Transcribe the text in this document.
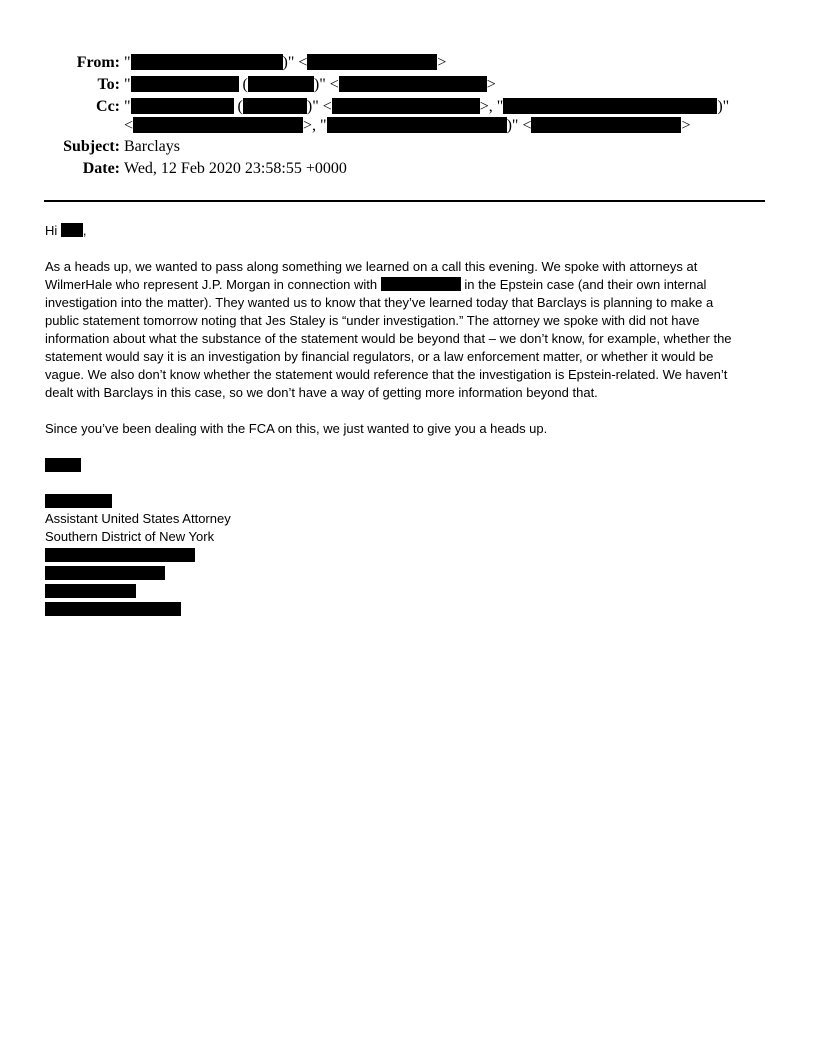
From: "	)" <	>
To: "	(	)" <	>
Cc: "	(	)" <	>, "	)"
<	>, "	)" <	>
Subject: Barclays
Date: Wed, 12 Feb 2020 23:58:55 +0000
Hi ,
As a heads up, we wanted to pass along something we learned on a call this evening. We spoke with attorneys at
WilmerHale who represent J.P. Morgan in connection with	in the Epstein case (and their own internal
investigation into the matter). They wanted us to know that they’ve learned today that Barclays is planning to make a
public statement tomorrow noting that Jes Staley is “under investigation.” The attorney we spoke with did not have
information about what the substance of the statement would be beyond that – we don’t know, for example, whether the
statement would say it is an investigation by financial regulators, or a law enforcement matter, or whether it would be
vague. We also don’t know whether the statement would reference that the investigation is Epstein-related. We haven’t
dealt with Barclays in this case, so we don’t have a way of getting more information beyond that.
Since you’ve been dealing with the FCA on this, we just wanted to give you a heads up.
Assistant United States Attorney
Southern District of New York
